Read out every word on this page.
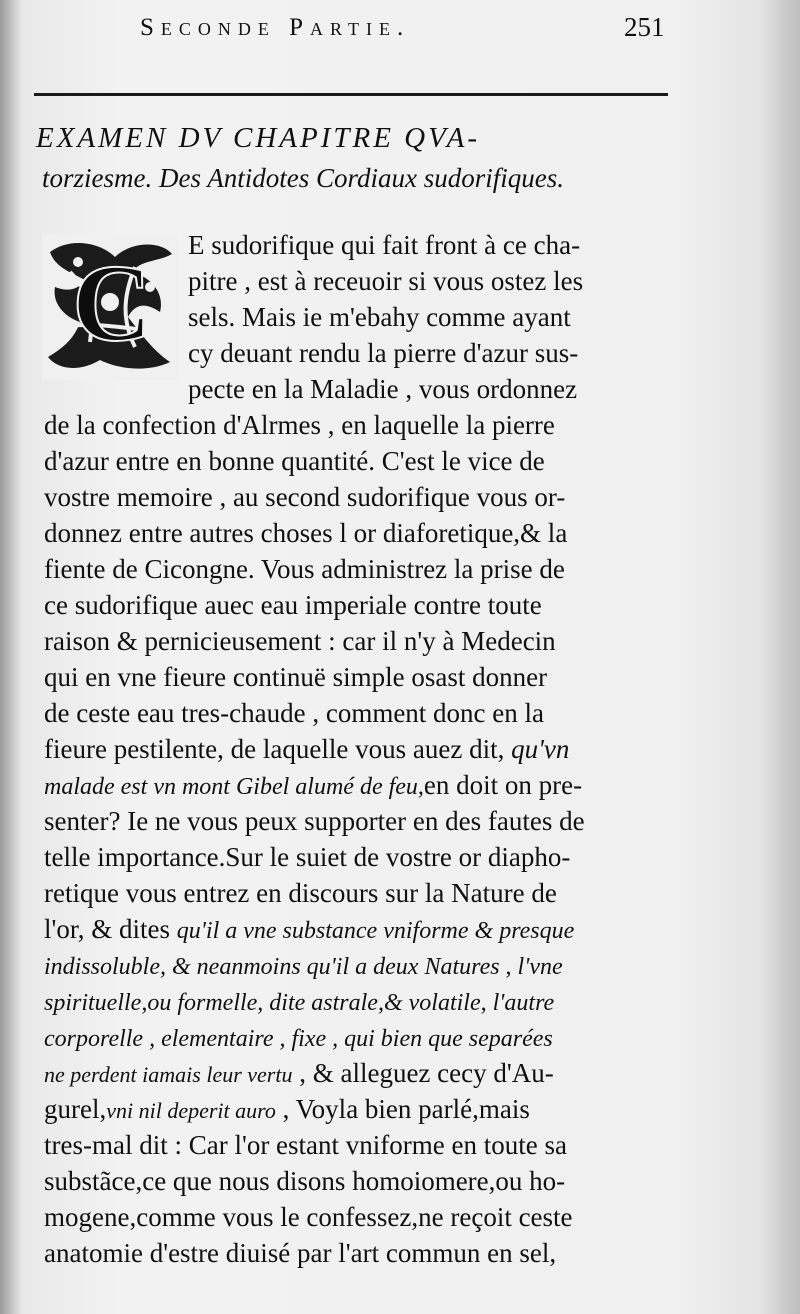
Seconde Partie.	251
EXAMEN DV CHAPITRE QVA-
torziesme. Des Antidotes Cordiaux sudorifiques.
C E sudorifique qui fait front à ce cha-
pitre , est à receuoir si vous ostez les
sels. Mais ie m'ebahy comme ayant
cy deuant rendu la pierre d'azur sus-
pecte en la Maladie , vous ordonnez
de la confection d'Alrmes , en laquelle la pierre
d'azur entre en bonne quantité. C'est le vice de
vostre memoire , au second sudorifique vous or-
donnez entre autres choses l or diaforetique,& la
fiente de Cicongne. Vous administrez la prise de
ce sudorifique auec eau imperiale contre toute
raison & pernicieusement : car il n'y à Medecin
qui en vne fieure continuë simple osast donner
de ceste eau tres-chaude , comment donc en la
fieure pestilente, de laquelle vous auez dit, qu'vn
malade est vn mont Gibel alumé de feu,en doit on pre-
senter? Ie ne vous peux supporter en des fautes de
telle importance.Sur le suiet de vostre or diapho-
retique vous entrez en discours sur la Nature de
l'or, & dites qu'il a vne substance vniforme & presque
indissoluble, & neanmoins qu'il a deux Natures , l'vne
spirituelle,ou formelle, dite astrale,& volatile, l'autre
corporelle , elementaire , fixe , qui bien que separées
ne perdent iamais leur vertu , & alleguez cecy d'Au-
gurel,vni nil deperit auro , Voyla bien parlé,mais
tres-mal dit : Car l'or estant vniforme en toute sa
substãce,ce que nous disons homoiomere,ou ho-
mogene,comme vous le confessez,ne reçoit ceste
anatomie d'estre diuisé par l'art commun en sel,
